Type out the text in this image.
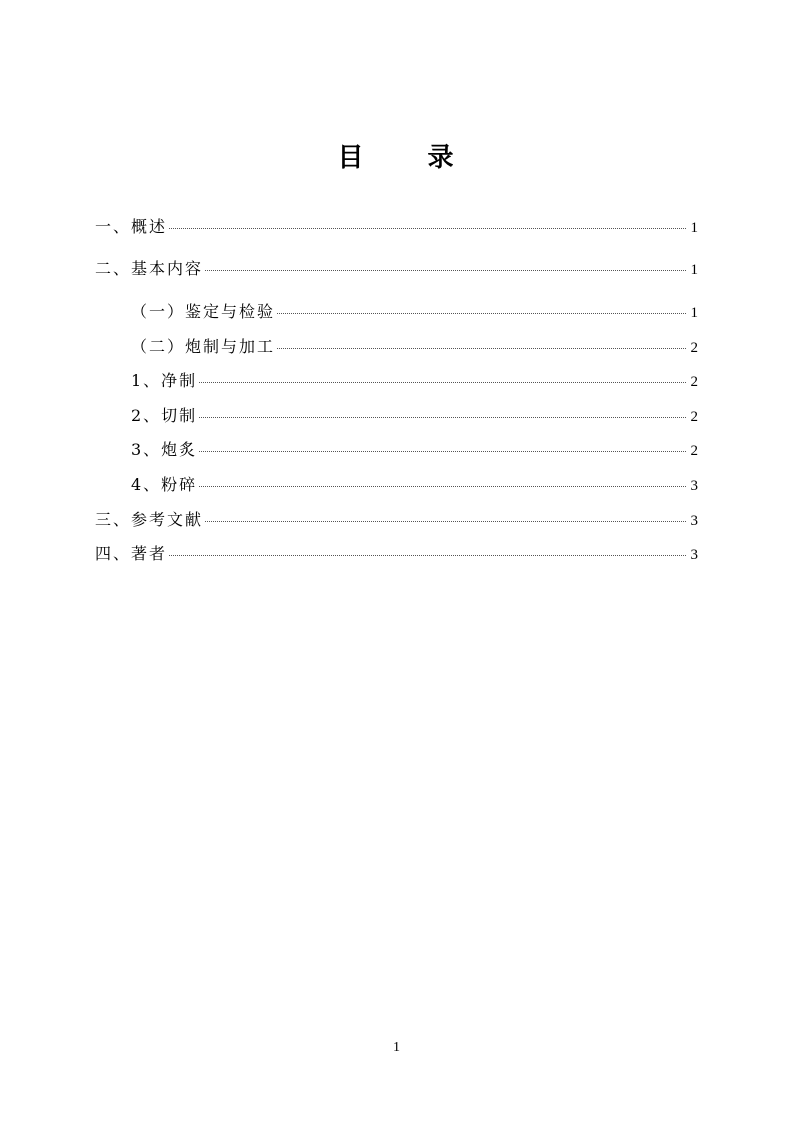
目 录
一、概述	1
二、基本内容	1
（一）鉴定与检验	1
（二）炮制与加工	2
1、净制	2
2、切制	2
3、炮炙	2
4、粉碎	3
三、参考文献	3
四、著者	3
1
